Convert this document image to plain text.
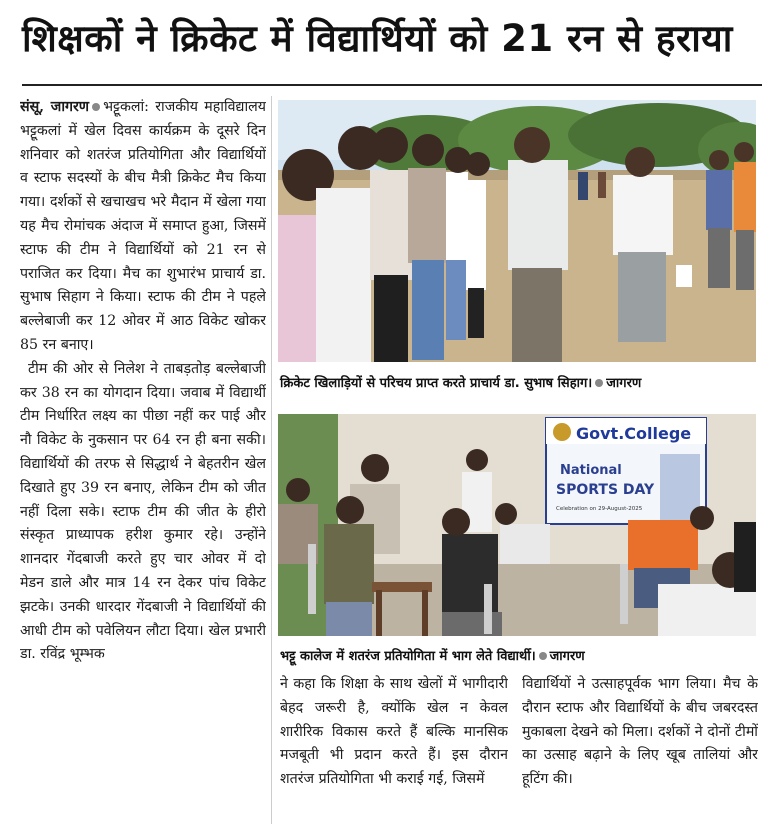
शिक्षकों ने क्रिकेट में विद्यार्थियों को 21 रन से हराया

संसू, जागरण भट्टूकलां: राजकीय महाविद्यालय भट्टूकलां में खेल दिवस कार्यक्रम के दूसरे दिन शनिवार को शतरंज प्रतियोगिता और विद्यार्थियों व स्टाफ सदस्यों के बीच मैत्री क्रिकेट मैच किया गया। दर्शकों से खचाखच भरे मैदान में खेला गया यह मैच रोमांचक अंदाज में समाप्त हुआ, जिसमें स्टाफ की टीम ने विद्यार्थियों को 21 रन से पराजित कर दिया। मैच का शुभारंभ प्राचार्य डा. सुभाष सिहाग ने किया। स्टाफ की टीम ने पहले बल्लेबाजी कर 12 ओवर में आठ विकेट खोकर 85 रन बनाए।

टीम की ओर से निलेश ने ताबड़तोड़ बल्लेबाजी कर 38 रन का योगदान दिया। जवाब में विद्यार्थी टीम निर्धारित लक्ष्य का पीछा नहीं कर पाई और नौ विकेट के नुकसान पर 64 रन ही बना सकी। विद्यार्थियों की तरफ से सिद्धार्थ ने बेहतरीन खेल दिखाते हुए 39 रन बनाए, लेकिन टीम को जीत नहीं दिला सके। स्टाफ टीम की जीत के हीरो संस्कृत प्राध्यापक हरीश कुमार रहे। उन्होंने शानदार गेंदबाजी करते हुए चार ओवर में दो मेडन डाले और मात्र 14 रन देकर पांच विकेट झटके। उनकी धारदार गेंदबाजी ने विद्यार्थियों की आधी टीम को पवेलियन लौटा दिया। खेल प्रभारी डा. रविंद्र भूम्भक

क्रिकेट खिलाड़ियों से परिचय प्राप्त करते प्राचार्य डा. सुभाष सिहाग। जागरण
Govt.College
National
SPORTS DAY
Celebration on 29-August-2025
भट्टू कालेज में शतरंज प्रतियोगिता में भाग लेते विद्यार्थी। जागरण

ने कहा कि शिक्षा के साथ खेलों में भागीदारी बेहद जरूरी है, क्योंकि खेल न केवल शारीरिक विकास करते हैं बल्कि मानसिक मजबूती भी प्रदान करते हैं। इस दौरान शतरंज प्रतियोगिता भी कराई गई, जिसमें

विद्यार्थियों ने उत्साहपूर्वक भाग लिया। मैच के दौरान स्टाफ और विद्यार्थियों के बीच जबरदस्त मुकाबला देखने को मिला। दर्शकों ने दोनों टीमों का उत्साह बढ़ाने के लिए खूब तालियां और हूटिंग की।
